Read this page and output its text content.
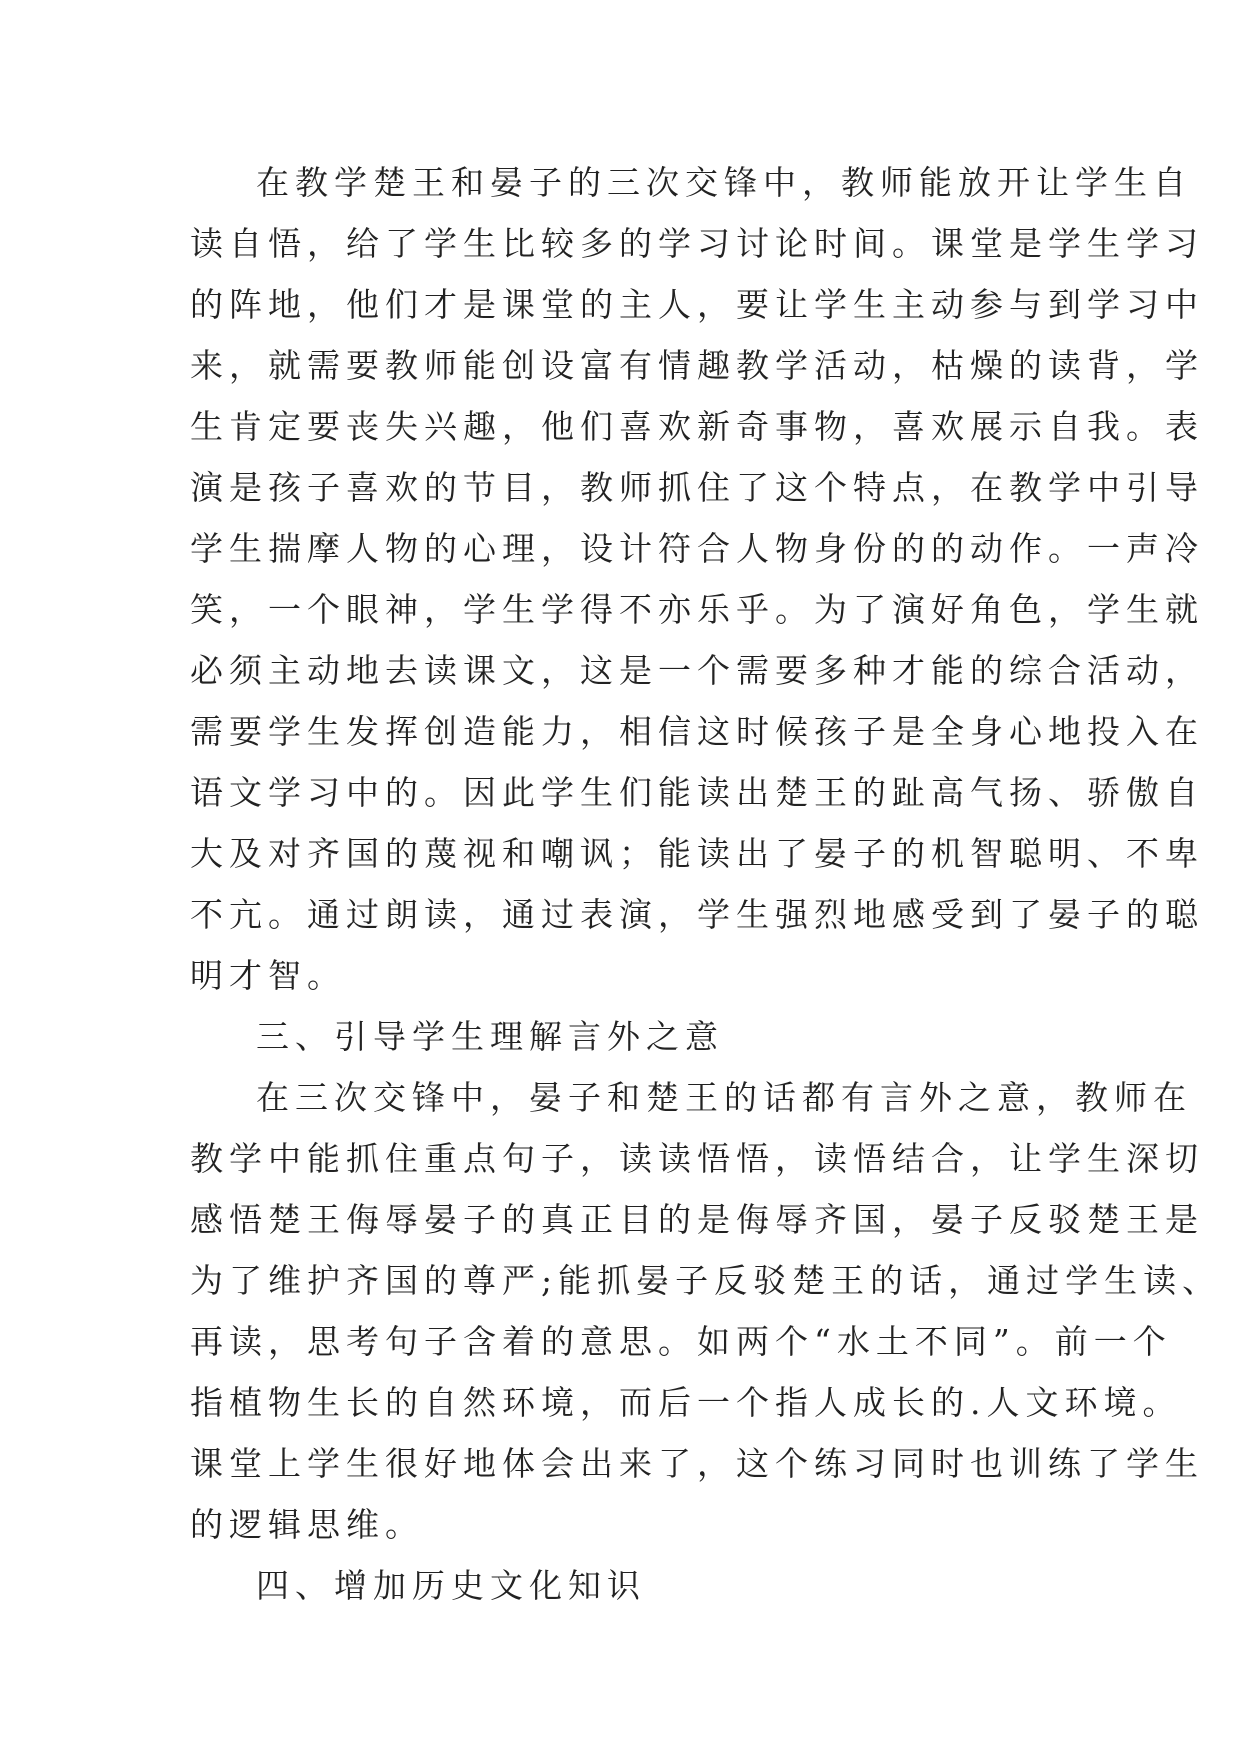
在教学楚王和晏子的三次交锋中，教师能放开让学生自
读自悟，给了学生比较多的学习讨论时间。课堂是学生学习
的阵地，他们才是课堂的主人，要让学生主动参与到学习中
来，就需要教师能创设富有情趣教学活动，枯燥的读背，学
生肯定要丧失兴趣，他们喜欢新奇事物，喜欢展示自我。表
演是孩子喜欢的节目，教师抓住了这个特点，在教学中引导
学生揣摩人物的心理，设计符合人物身份的的动作。一声冷
笑，一个眼神，学生学得不亦乐乎。为了演好角色，学生就
必须主动地去读课文，这是一个需要多种才能的综合活动，
需要学生发挥创造能力，相信这时候孩子是全身心地投入在
语文学习中的。因此学生们能读出楚王的趾高气扬、骄傲自
大及对齐国的蔑视和嘲讽；能读出了晏子的机智聪明、不卑
不亢。通过朗读，通过表演，学生强烈地感受到了晏子的聪
明才智。
三、引导学生理解言外之意
在三次交锋中，晏子和楚王的话都有言外之意，教师在
教学中能抓住重点句子，读读悟悟，读悟结合，让学生深切
感悟楚王侮辱晏子的真正目的是侮辱齐国，晏子反驳楚王是
为了维护齐国的尊严;能抓晏子反驳楚王的话，通过学生读、
再读，思考句子含着的意思。如两个“水土不同”。前一个
指植物生长的自然环境，而后一个指人成长的.人文环境。
课堂上学生很好地体会出来了，这个练习同时也训练了学生
的逻辑思维。
四、增加历史文化知识
